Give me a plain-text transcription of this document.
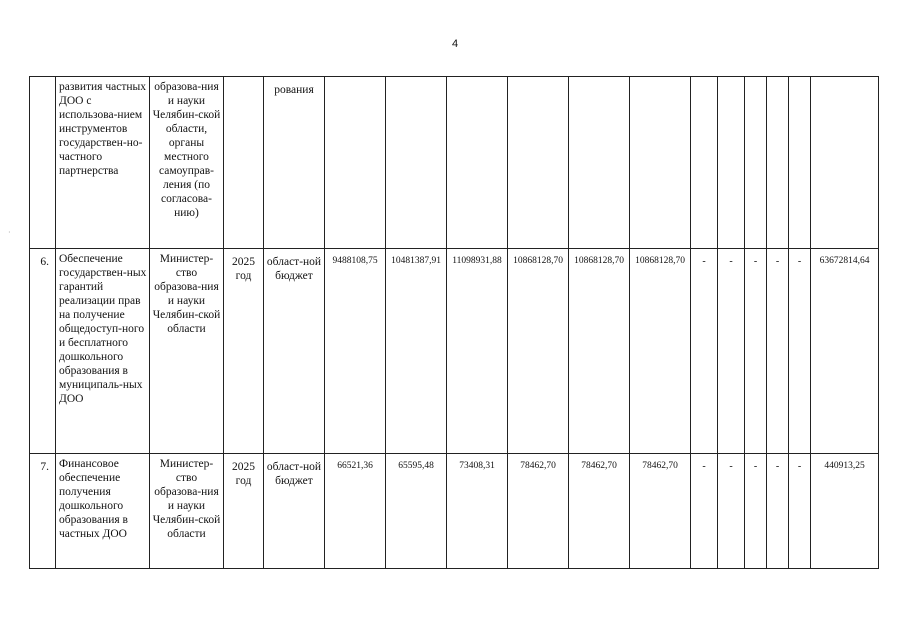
4
	развития частных ДОО с использова-нием инструментов государствен-но-частного партнерства	образова-ния и науки Челябин-ской области, органы местного самоуправ-ления (по согласова-нию)		рования												
6.	Обеспечение государствен-ных гарантий реализации прав на получение общедоступ-ного и бесплатного дошкольного образования в муниципаль-ных ДОО	Министер-ство образова-ния и науки Челябин-ской области	2025 год	област-ной бюджет	9488108,75	10481387,91	11098931,88	10868128,70	10868128,70	10868128,70	-	-	-	-	-	63672814,64
7.	Финансовое обеспечение получения дошкольного образования в частных ДОО	Министер-ство образова-ния и науки Челябин-ской области	2025 год	област-ной бюджет	66521,36	65595,48	73408,31	78462,70	78462,70	78462,70	-	-	-	-	-	440913,25
·
